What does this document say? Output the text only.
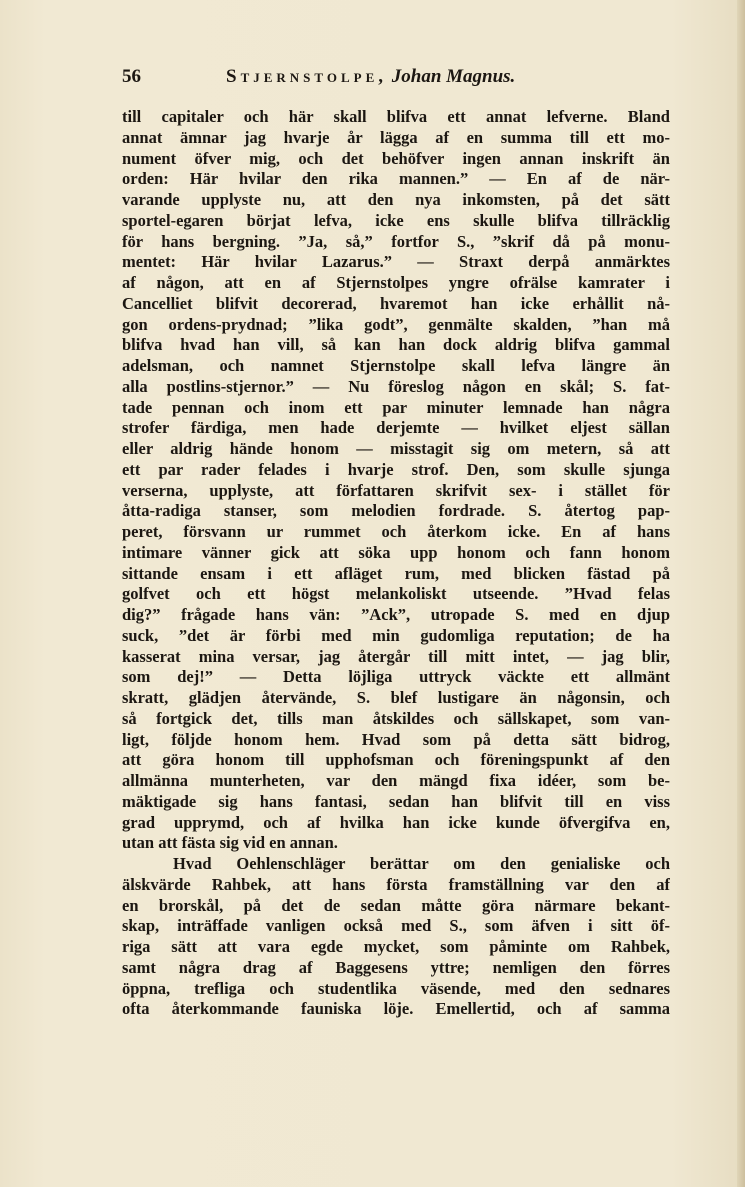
56	Stjernstolpe, Johan Magnus.
till capitaler och här skall blifva ett annat lefverne. Bland
annat ämnar jag hvarje år lägga af en summa till ett mo-
nument öfver mig, och det behöfver ingen annan inskrift än
orden: Här hvilar den rika mannen.” — En af de när-
varande upplyste nu, att den nya inkomsten, på det sätt
sportel-egaren börjat lefva, icke ens skulle blifva tillräcklig
för hans bergning. ”Ja, så,” fortfor S., ”skrif då på monu-
mentet: Här hvilar Lazarus.” — Straxt derpå anmärktes
af någon, att en af Stjernstolpes yngre ofrälse kamrater i
Cancelliet blifvit decorerad, hvaremot han icke erhållit nå-
gon ordens-prydnad; ”lika godt”, genmälte skalden, ”han må
blifva hvad han vill, så kan han dock aldrig blifva gammal
adelsman, och namnet Stjernstolpe skall lefva längre än
alla postlins-stjernor.” — Nu föreslog någon en skål; S. fat-
tade pennan och inom ett par minuter lemnade han några
strofer färdiga, men hade derjemte — hvilket eljest sällan
eller aldrig hände honom — misstagit sig om metern, så att
ett par rader felades i hvarje strof. Den, som skulle sjunga
verserna, upplyste, att författaren skrifvit sex- i stället för
åtta-radiga stanser, som melodien fordrade. S. återtog pap-
peret, försvann ur rummet och återkom icke. En af hans
intimare vänner gick att söka upp honom och fann honom
sittande ensam i ett afläget rum, med blicken fästad på
golfvet och ett högst melankoliskt utseende. ”Hvad felas
dig?” frågade hans vän: ”Ack”, utropade S. med en djup
suck, ”det är förbi med min gudomliga reputation; de ha
kasserat mina versar, jag återgår till mitt intet, — jag blir,
som dej!” — Detta löjliga uttryck väckte ett allmänt
skratt, glädjen återvände, S. blef lustigare än någonsin, och
så fortgick det, tills man åtskildes och sällskapet, som van-
ligt, följde honom hem. Hvad som på detta sätt bidrog,
att göra honom till upphofsman och föreningspunkt af den
allmänna munterheten, var den mängd fixa idéer, som be-
mäktigade sig hans fantasi, sedan han blifvit till en viss
grad upprymd, och af hvilka han icke kunde öfvergifva en,
utan att fästa sig vid en annan.
Hvad Oehlenschläger berättar om den genialiske och
älskvärde Rahbek, att hans första framställning var den af
en brorskål, på det de sedan måtte göra närmare bekant-
skap, inträffade vanligen också med S., som äfven i sitt öf-
riga sätt att vara egde mycket, som påminte om Rahbek,
samt några drag af Baggesens yttre; nemligen den förres
öppna, trefliga och studentlika väsende, med den sednares
ofta återkommande fauniska löje. Emellertid, och af samma
